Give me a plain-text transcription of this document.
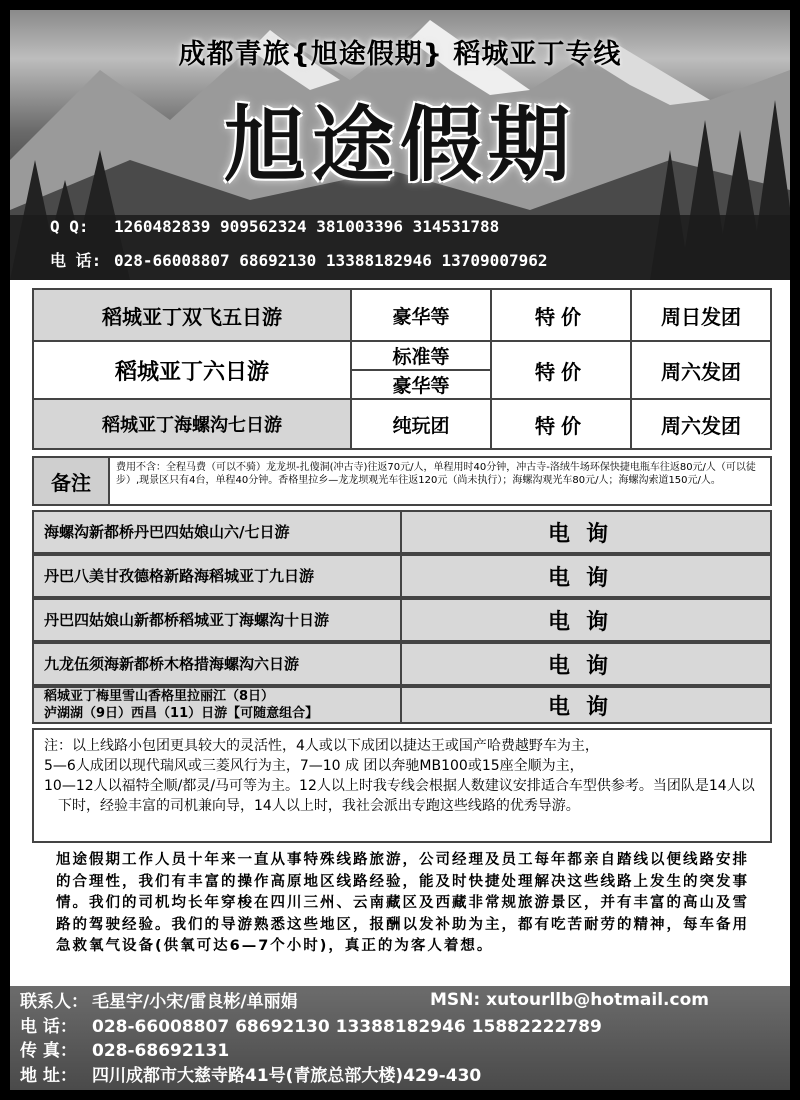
成都青旅{旭途假期} 稻城亚丁专线
旭途假期
Q Q: 1260482839 909562324 381003396 314531788
电 话: 028-66008807 68692130 13388182946 13709007962
稻城亚丁双飞五日游	豪华等	特价	周日发团
稻城亚丁六日游	标准等	特价	周六发团
	豪华等		
稻城亚丁海螺沟七日游	纯玩团	特价	周六发团
备注
费用不含：全程马费（可以不骑）龙龙坝-扎傻洞(冲古寺)往返70元/人，单程用时40分钟，冲古寺-洛绒牛场环保快捷电瓶车往返80元/人（可以徒步）,现景区只有4台，单程40分钟。香格里拉乡—龙龙坝观光车往返120元（尚未执行）；海螺沟观光车80元/人；海螺沟索道150元/人。
海螺沟新都桥丹巴四姑娘山六/七日游	电询
丹巴八美甘孜德格新路海稻城亚丁九日游	电询
丹巴四姑娘山新都桥稻城亚丁海螺沟十日游	电询
九龙伍须海新都桥木格措海螺沟六日游	电询
稻城亚丁梅里雪山香格里拉丽江（8日）
泸湖湖（9日）西昌（11）日游【可随意组合】	电询

注：以上线路小包团更具较大的灵活性，4人或以下成团以捷达王或国产哈费越野车为主，

5—6人成团以现代瑞风或三菱风行为主，7—10 成 团以奔驰MB100或15座全顺为主，

10—12人以福特全顺/都灵/马可等为主。12人以上时我专线会根据人数建议安排适合车型供参考。当团队是14人以下时，经验丰富的司机兼向导，14人以上时，我社会派出专跑这些线路的优秀导游。

旭途假期工作人员十年来一直从事特殊线路旅游，公司经理及员工每年都亲自踏线以便线路安排的合理性，我们有丰富的操作高原地区线路经验，能及时快捷处理解决这些线路上发生的突发事情。我们的司机均长年穿梭在四川三州、云南藏区及西藏非常规旅游景区，并有丰富的高山及雪路的驾驶经验。我们的导游熟悉这些地区，报酬以发补助为主，都有吃苦耐劳的精神，每车备用急救氧气设备(供氧可达6—7个小时)，真正的为客人着想。

联系人： 毛星宇/小宋/雷良彬/单丽娟	MSN: xutourllb@hotmail.com
电 话： 028-66008807 68692130 13388182946 15882222789
传 真： 028-68692131
地 址： 四川成都市大慈寺路41号(青旅总部大楼)429-430
